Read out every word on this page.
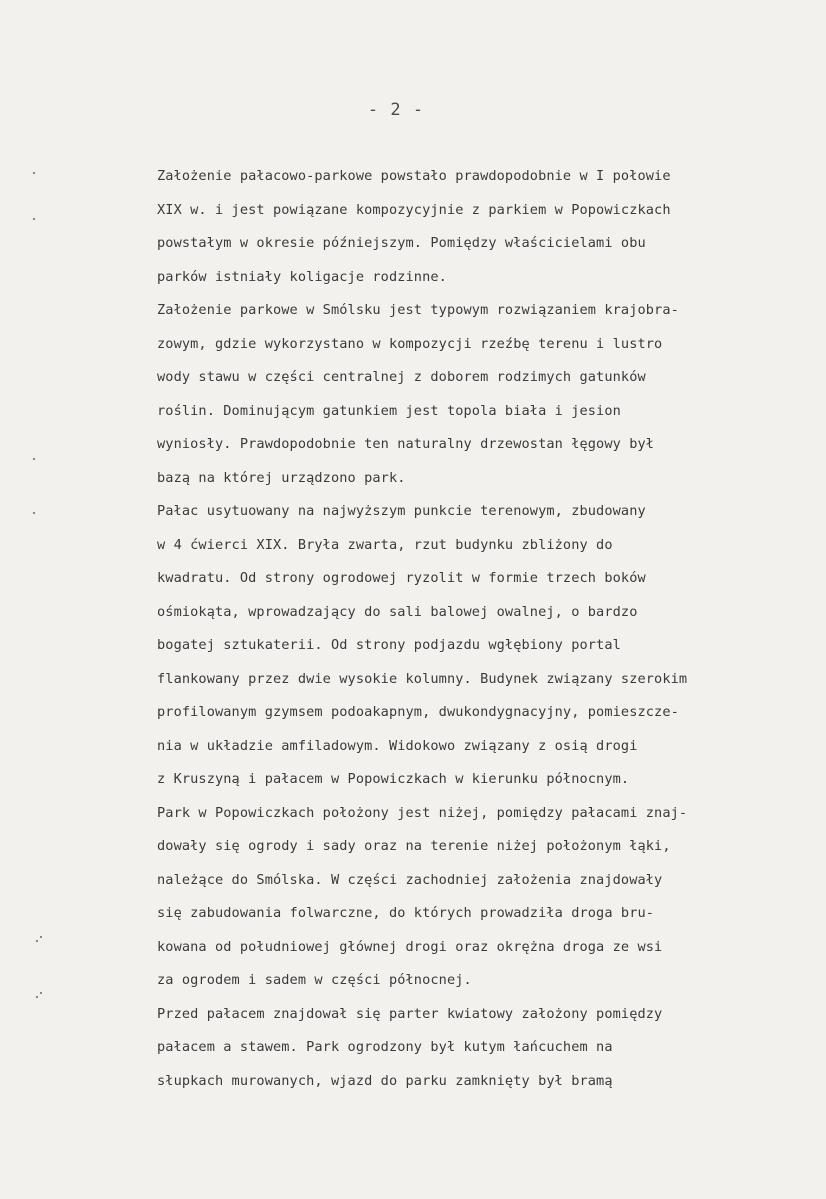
- 2 -
Założenie pałacowo-parkowe powstało prawdopodobnie w I połowie
XIX w. i jest powiązane kompozycyjnie z parkiem w Popowiczkach
powstałym w okresie późniejszym. Pomiędzy właścicielami obu
parków istniały koligacje rodzinne.
Założenie parkowe w Smólsku jest typowym rozwiązaniem krajobra-
zowym, gdzie wykorzystano w kompozycji rzeźbę terenu i lustro
wody stawu w części centralnej z doborem rodzimych gatunków
roślin. Dominującym gatunkiem jest topola biała i jesion
wyniosły. Prawdopodobnie ten naturalny drzewostan łęgowy był
bazą na której urządzono park.
Pałac usytuowany na najwyższym punkcie terenowym, zbudowany
w 4 ćwierci XIX. Bryła zwarta, rzut budynku zbliżony do
kwadratu. Od strony ogrodowej ryzolit w formie trzech boków
ośmiokąta, wprowadzający do sali balowej owalnej, o bardzo
bogatej sztukaterii. Od strony podjazdu wgłębiony portal
flankowany przez dwie wysokie kolumny. Budynek związany szerokim
profilowanym gzymsem podoakapnym, dwukondygnacyjny, pomieszcze-
nia w układzie amfiladowym. Widokowo związany z osią drogi
z Kruszyną i pałacem w Popowiczkach w kierunku północnym.
Park w Popowiczkach położony jest niżej, pomiędzy pałacami znaj-
dowały się ogrody i sady oraz na terenie niżej położonym łąki,
należące do Smólska. W części zachodniej założenia znajdowały
się zabudowania folwarczne, do których prowadziła droga bru-
kowana od południowej głównej drogi oraz okrężna droga ze wsi
za ogrodem i sadem w części północnej.
Przed pałacem znajdował się parter kwiatowy założony pomiędzy
pałacem a stawem. Park ogrodzony był kutym łańcuchem na
słupkach murowanych, wjazd do parku zamknięty był bramą
